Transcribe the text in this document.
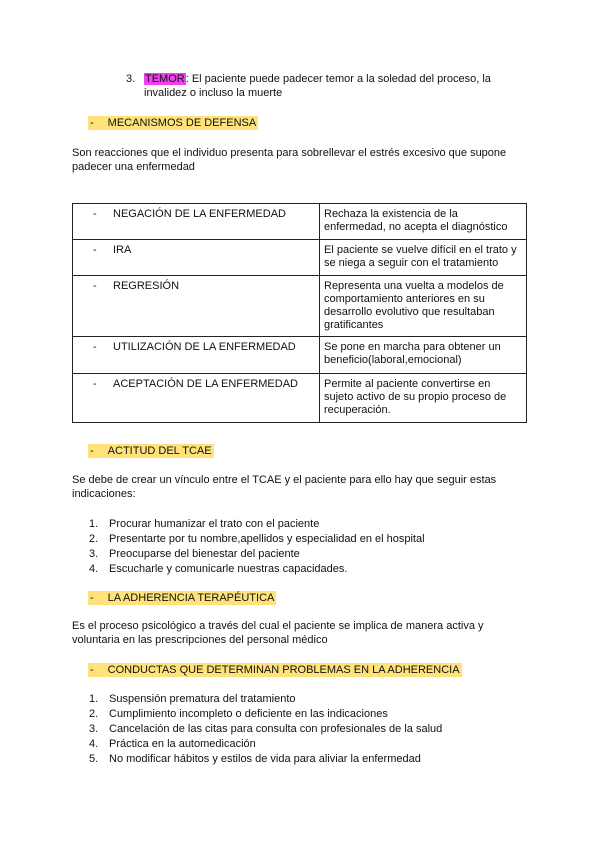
3. TEMOR: El paciente puede padecer temor a la soledad del proceso, la invalidez o incluso la muerte
- MECANISMOS DE DEFENSA
Son reacciones que el individuo presenta para sobrellevar el estrés excesivo que supone padecer una enfermedad
- NEGACIÓN DE LA ENFERMEDAD	Rechaza la existencia de la enfermedad, no acepta el diagnóstico

- IRA	El paciente se vuelve difícil en el trato y se niega a seguir con el tratamiento

- REGRESIÓN	Representa una vuelta a modelos de comportamiento anteriores en su desarrollo evolutivo que resultaban gratificantes

- UTILIZACIÓN DE LA ENFERMEDAD	Se pone en marcha para obtener un beneficio(laboral,emocional)

- ACEPTACIÓN DE LA ENFERMEDAD	Permite al paciente convertirse en sujeto activo de su propio proceso de recuperación.
- ACTITUD DEL TCAE
Se debe de crear un vínculo entre el TCAE y el paciente para ello hay que seguir estas indicaciones:
1. Procurar humanizar el trato con el paciente
2. Presentarte por tu nombre,apellidos y especialidad en el hospital
3. Preocuparse del bienestar del paciente
4. Escucharle y comunicarle nuestras capacidades.
- LA ADHERENCIA TERAPÉUTICA
Es el proceso psicológico a través del cual el paciente se implica de manera activa y voluntaria en las prescripciones del personal médico
- CONDUCTAS QUE DETERMINAN PROBLEMAS EN LA ADHERENCIA
1. Suspensión prematura del tratamiento
2. Cumplimiento incompleto o deficiente en las indicaciones
3. Cancelación de las citas para consulta con profesionales de la salud
4. Práctica en la automedicación
5. No modificar hábitos y estilos de vida para aliviar la enfermedad
